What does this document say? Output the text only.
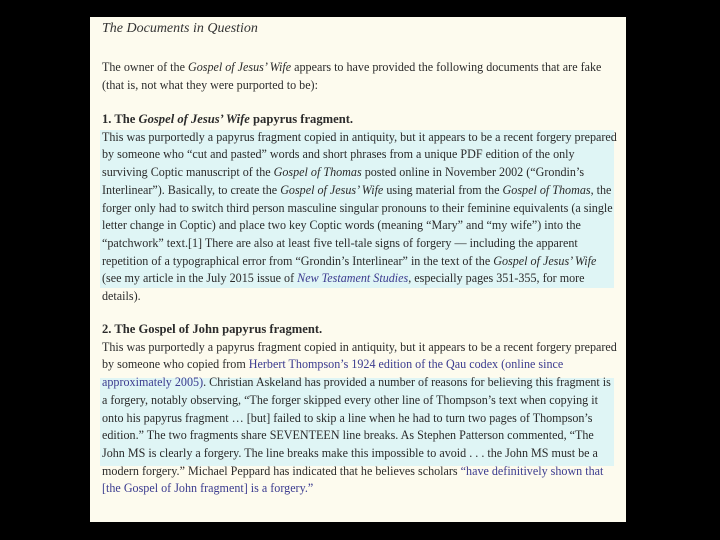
The Documents in Question

The owner of the Gospel of Jesus’ Wife appears to have provided the following documents that are fake (that is, not what they were purported to be):

1. The Gospel of Jesus’ Wife papyrus fragment.

This was purportedly a papyrus fragment copied in antiquity, but it appears to be a recent forgery prepared by someone who “cut and pasted” words and short phrases from a unique PDF edition of the only surviving Coptic manuscript of the Gospel of Thomas posted online in November 2002 (“Grondin’s Interlinear”). Basically, to create the Gospel of Jesus’ Wife using material from the Gospel of Thomas, the forger only had to switch third person masculine singular pronouns to their feminine equivalents (a single letter change in Coptic) and place two key Coptic words (meaning “Mary” and “my wife”) into the “patchwork” text.[1] There are also at least five tell-tale signs of forgery — including the apparent repetition of a typographical error from “Grondin’s Interlinear” in the text of the Gospel of Jesus’ Wife (see my article in the July 2015 issue of New Testament Studies, especially pages 351-355, for more details).

2. The Gospel of John papyrus fragment.

This was purportedly a papyrus fragment copied in antiquity, but it appears to be a recent forgery prepared by someone who copied from Herbert Thompson’s 1924 edition of the Qau codex (online since approximately 2005). Christian Askeland has provided a number of reasons for believing this fragment is a forgery, notably observing, “The forger skipped every other line of Thompson’s text when copying it onto his papyrus fragment … [but] failed to skip a line when he had to turn two pages of Thompson’s edition.” The two fragments share SEVENTEEN line breaks. As Stephen Patterson commented, “The John MS is clearly a forgery. The line breaks make this impossible to avoid . . . the John MS must be a modern forgery.” Michael Peppard has indicated that he believes scholars “have definitively shown that [the Gospel of John fragment] is a forgery.”
